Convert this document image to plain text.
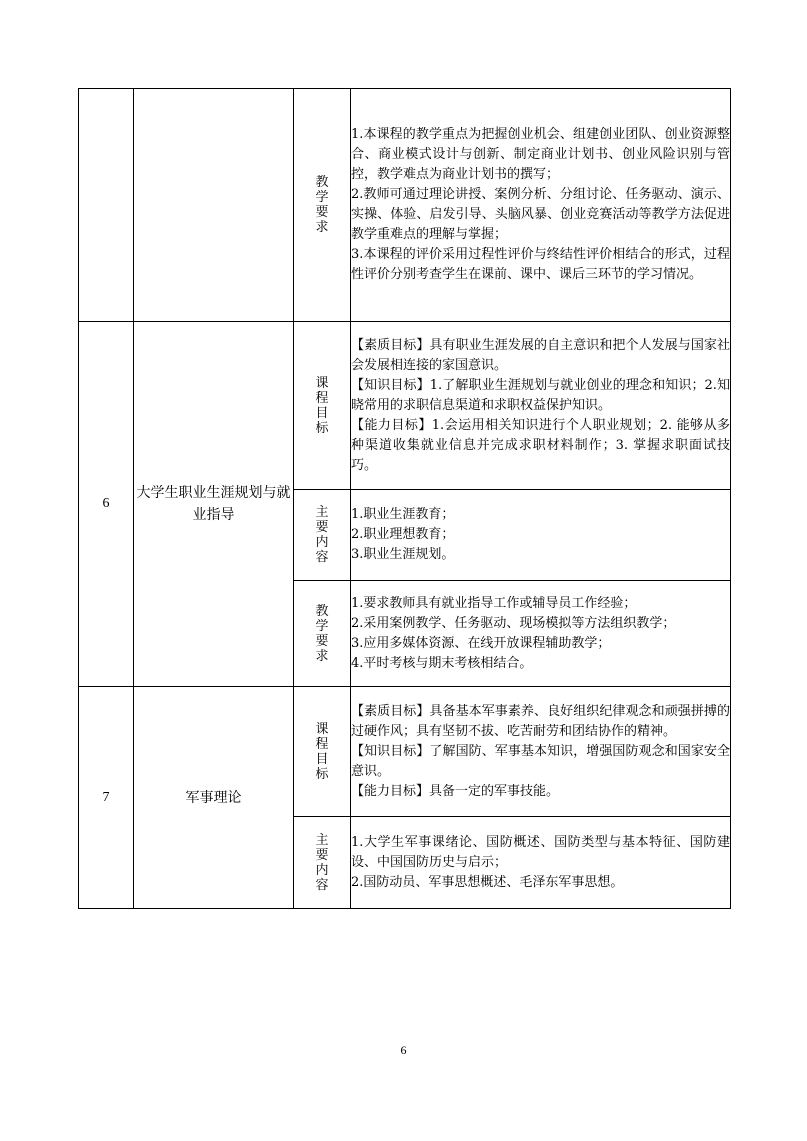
		教学要求	1.本课程的教学重点为把握创业机会、组建创业团队、创业资源整合、商业模式设计与创新、制定商业计划书、创业风险识别与管控，教学难点为商业计划书的撰写；

2.教师可通过理论讲授、案例分析、分组讨论、任务驱动、演示、实操、体验、启发引导、头脑风暴、创业竞赛活动等教学方法促进教学重难点的理解与掌握；

3.本课程的评价采用过程性评价与终结性评价相结合的形式，过程性评价分别考查学生在课前、课中、课后三环节的学习情况。

6	大学生职业生涯规划与就业指导	课程目标	【素质目标】具有职业生涯发展的自主意识和把个人发展与国家社会发展相连接的家国意识。

【知识目标】1.了解职业生涯规划与就业创业的理念和知识；2.知晓常用的求职信息渠道和求职权益保护知识。

【能力目标】1.会运用相关知识进行个人职业规划；2. 能够从多种渠道收集就业信息并完成求职材料制作；3. 掌握求职面试技巧。

		主要内容	1.职业生涯教育；

2.职业理想教育；

3.职业生涯规划。

		教学要求	1.要求教师具有就业指导工作或辅导员工作经验；

2.采用案例教学、任务驱动、现场模拟等方法组织教学；

3.应用多媒体资源、在线开放课程辅助教学；

4.平时考核与期末考核相结合。

7	军事理论	课程目标	【素质目标】具备基本军事素养、良好组织纪律观念和顽强拼搏的过硬作风；具有坚韧不拔、吃苦耐劳和团结协作的精神。

【知识目标】了解国防、军事基本知识，增强国防观念和国家安全意识。

【能力目标】具备一定的军事技能。

		主要内容	1.大学生军事课绪论、国防概述、国防类型与基本特征、国防建设、中国国防历史与启示；

2.国防动员、军事思想概述、毛泽东军事思想。

6
